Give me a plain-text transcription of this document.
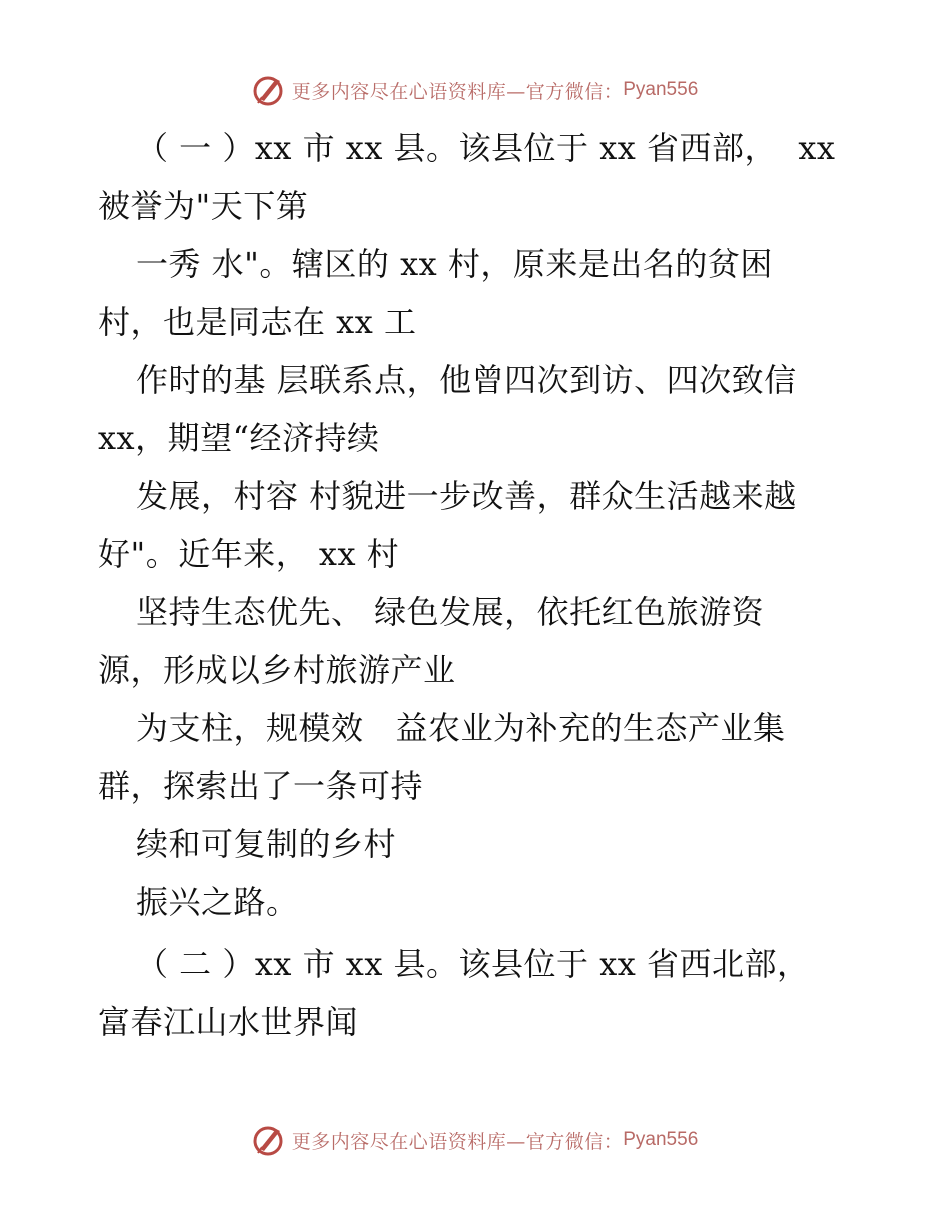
更多内容尽在心语资料库—官方微信： Pyan556
（ 一 ）xx 市 xx 县。该县位于 xx 省西部，  xx
被誉为"天下第
一秀 水"。辖区的 xx 村，原来是出名的贫困
村，也是同志在 xx 工
作时的基 层联系点，他曾四次到访、四次致信
xx，期望“经济持续
发展，村容 村貌进一步改善，群众生活越来越
好"。近年来， xx 村
坚持生态优先、 绿色发展，依托红色旅游资
源，形成以乡村旅游产业
为支柱，规模效   益农业为补充的生态产业集
群，探索出了一条可持
续和可复制的乡村
振兴之路。
（ 二 ）xx 市 xx 县。该县位于 xx 省西北部，
富春江山水世界闻
更多内容尽在心语资料库—官方微信： Pyan556
